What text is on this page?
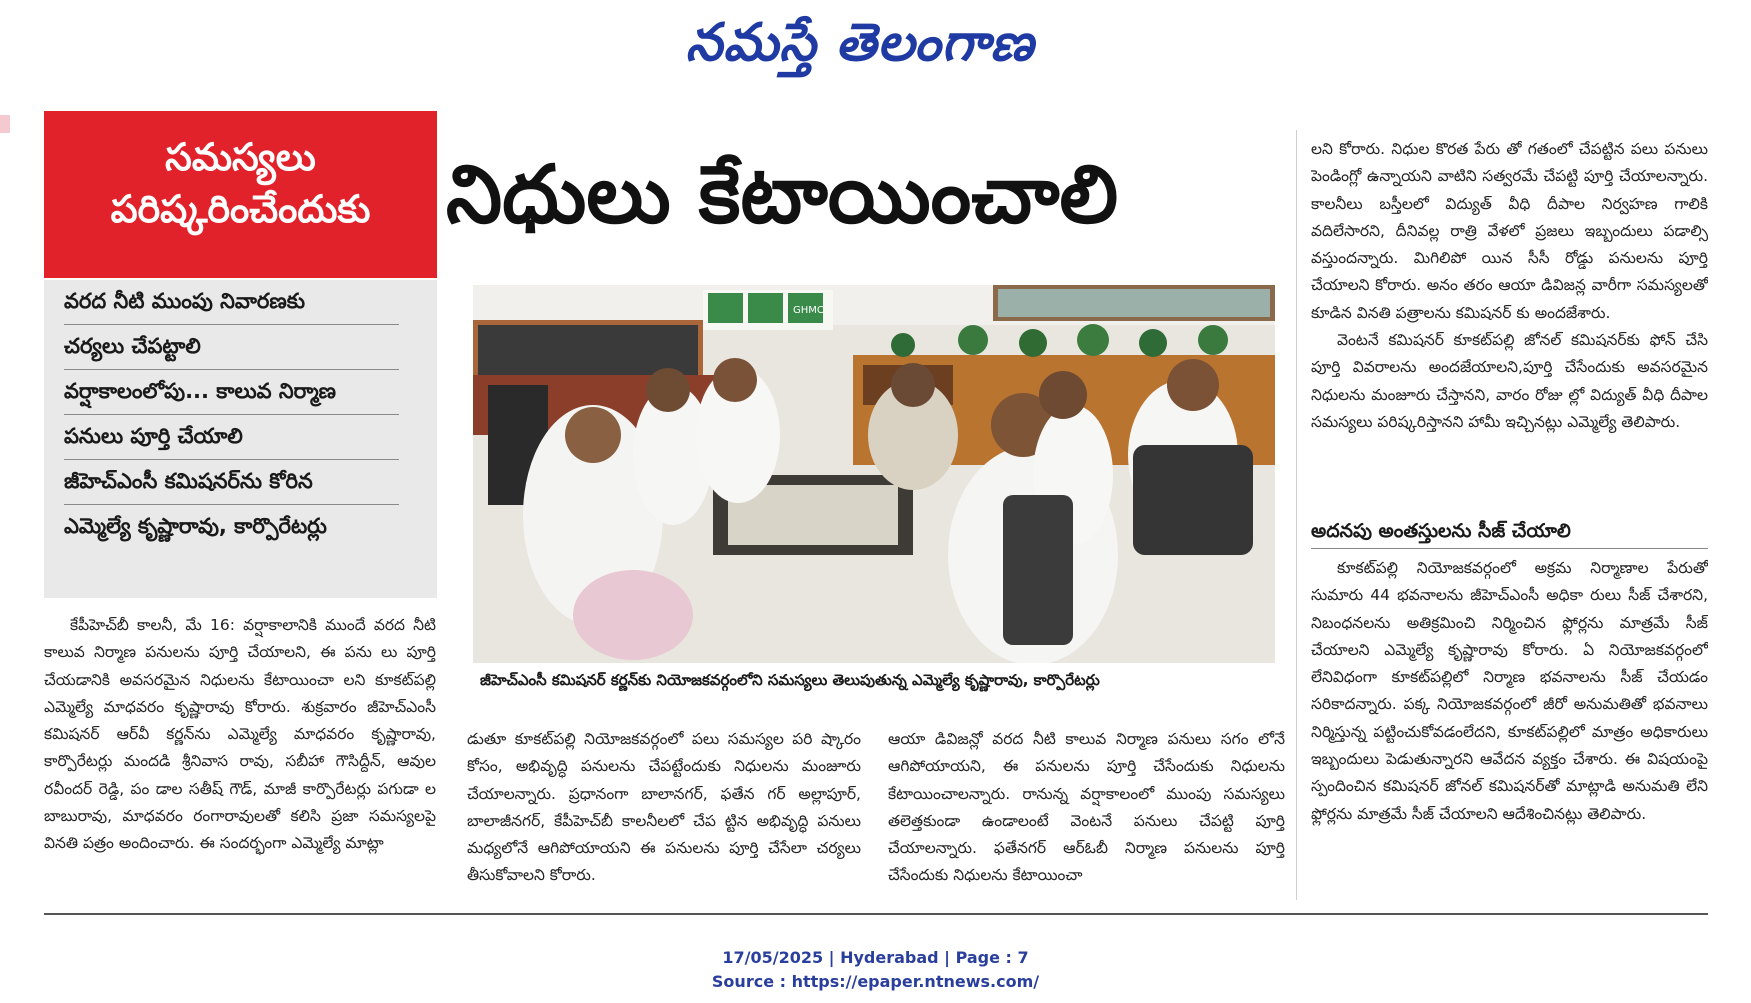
నమస్తే తెలంగాణ
సమస్యలు
పరిష్కరించేందుకు నిధులు కేటాయించాలి
వరద నీటి ముంపు నివారణకు
చర్యలు చేపట్టాలి
వర్షాకాలంలోపు... కాలువ నిర్మాణ
పనులు పూర్తి చేయాలి
జీహెచ్ఎంసీ కమిషనర్‌ను కోరిన
ఎమ్మెల్యే కృష్ణారావు, కార్పొరేటర్లు
GHMC
జీహెచ్ఎంసీ కమిషనర్ కర్ణన్‌కు నియోజకవర్గంలోని సమస్యలు తెలుపుతున్న ఎమ్మెల్యే కృష్ణారావు, కార్పొరేటర్లు

కేపీహెచ్‌బీ కాలనీ, మే 16: వర్షాకాలానికి ముందే వరద నీటి కాలువ నిర్మాణ పనులను పూర్తి చేయాలని, ఈ పను లు పూర్తి చేయడానికి అవసరమైన నిధులను కేటాయించా లని కూకట్‌పల్లి ఎమ్మెల్యే మాధవరం కృష్ణారావు కోరారు. శుక్రవారం జీహెచ్ఎంసీ కమిషనర్ ఆర్‌వీ కర్ణన్‌ను ఎమ్మెల్యే మాధవరం కృష్ణారావు, కార్పొరేటర్లు మందడి శ్రీనివాస రావు, సబీహా గౌసిద్దీన్, ఆవుల రవీందర్ రెడ్డి, పం డాల సతీష్ గౌడ్, మాజీ కార్పొరేటర్లు పగుడా ల బాబురావు, మాధవరం రంగారావులతో కలిసి ప్రజా సమస్యలపై వినతి పత్రం అందించారు. ఈ సందర్భంగా ఎమ్మెల్యే మాట్లా

డుతూ కూకట్‌పల్లి నియోజకవర్గంలో పలు సమస్యల పరి ష్కారం కోసం, అభివృద్ధి పనులను చేపట్టేందుకు నిధులను మంజూరు చేయాలన్నారు. ప్రధానంగా బాలానగర్, ఫతేన గర్ అల్లాపూర్, బాలాజీనగర్, కేపీహెచ్‌బీ కాలనీలలో చేప ట్టిన అభివృద్ధి పనులు మధ్యలోనే ఆగిపోయాయని ఈ పనులను పూర్తి చేసేలా చర్యలు తీసుకోవాలని కోరారు.

ఆయా డివిజన్లో వరద నీటి కాలువ నిర్మాణ పనులు సగం లోనే ఆగిపోయాయని, ఈ పనులను పూర్తి చేసేందుకు నిధులను కేటాయించాలన్నారు. రానున్న వర్షాకాలంలో ముంపు సమస్యలు తలెత్తకుండా ఉండాలంటే వెంటనే పనులు చేపట్టి పూర్తి చేయాలన్నారు. ఫతేనగర్ ఆర్‌ఓబీ నిర్మాణ పనులను పూర్తి చేసేందుకు నిధులను కేటాయించా

లని కోరారు. నిధుల కొరత పేరు తో గతంలో చేపట్టిన పలు పనులు పెండింగ్లో ఉన్నాయని వాటిని సత్వరమే చేపట్టి పూర్తి చేయాలన్నారు. కాలనీలు బస్తీలలో విద్యుత్ వీధి దీపాల నిర్వహణ గాలికి వదిలేసారని, దీనివల్ల రాత్రి వేళలో ప్రజలు ఇబ్బందులు పడాల్సి వస్తుందన్నారు. మిగిలిపో యిన సీసీ రోడ్డు పనులను పూర్తి చేయాలని కోరారు. అనం తరం ఆయా డివిజన్ల వారీగా సమస్యలతో కూడిన వినతి పత్రాలను కమిషనర్ కు అందజేశారు.

వెంటనే కమిషనర్ కూకట్‌పల్లి జోనల్ కమిషనర్‌కు ఫోన్ చేసి పూర్తి వివరాలను అందజేయాలని,పూర్తి చేసేందుకు అవసరమైన నిధులను మంజూరు చేస్తానని, వారం రోజు ల్లో విద్యుత్ వీధి దీపాల సమస్యలు పరిష్కరిస్తానని హామీ ఇచ్చినట్లు ఎమ్మెల్యే తెలిపారు.

అదనపు అంతస్తులను సీజ్ చేయాలి

కూకట్‌పల్లి నియోజకవర్గంలో అక్రమ నిర్మాణాల పేరుతో సుమారు 44 భవనాలను జీహెచ్ఎంసీ అధికా రులు సీజ్ చేశారని, నిబంధనలను అతిక్రమించి నిర్మించిన ఫ్లోర్లను మాత్రమే సీజ్ చేయాలని ఎమ్మెల్యే కృష్ణారావు కోరారు. ఏ నియోజకవర్గంలో లేనివిధంగా కూకట్‌పల్లిలో నిర్మాణ భవనాలను సీజ్ చేయడం సరికాదన్నారు. పక్క నియోజకవర్గంలో జీరో అనుమతితో భవనాలు నిర్మిస్తున్న పట్టించుకోవడంలేదని, కూకట్‌పల్లిలో మాత్రం అధికారులు ఇబ్బందులు పెడుతున్నారని ఆవేదన వ్యక్తం చేశారు. ఈ విషయంపై స్పందించిన కమిషనర్ జోనల్ కమిషనర్‌తో మాట్లాడి అనుమతి లేని ఫ్లోర్లను మాత్రమే సీజ్ చేయాలని ఆదేశించినట్లు తెలిపారు.

17/05/2025 | Hyderabad | Page : 7
Source : https://epaper.ntnews.com/
